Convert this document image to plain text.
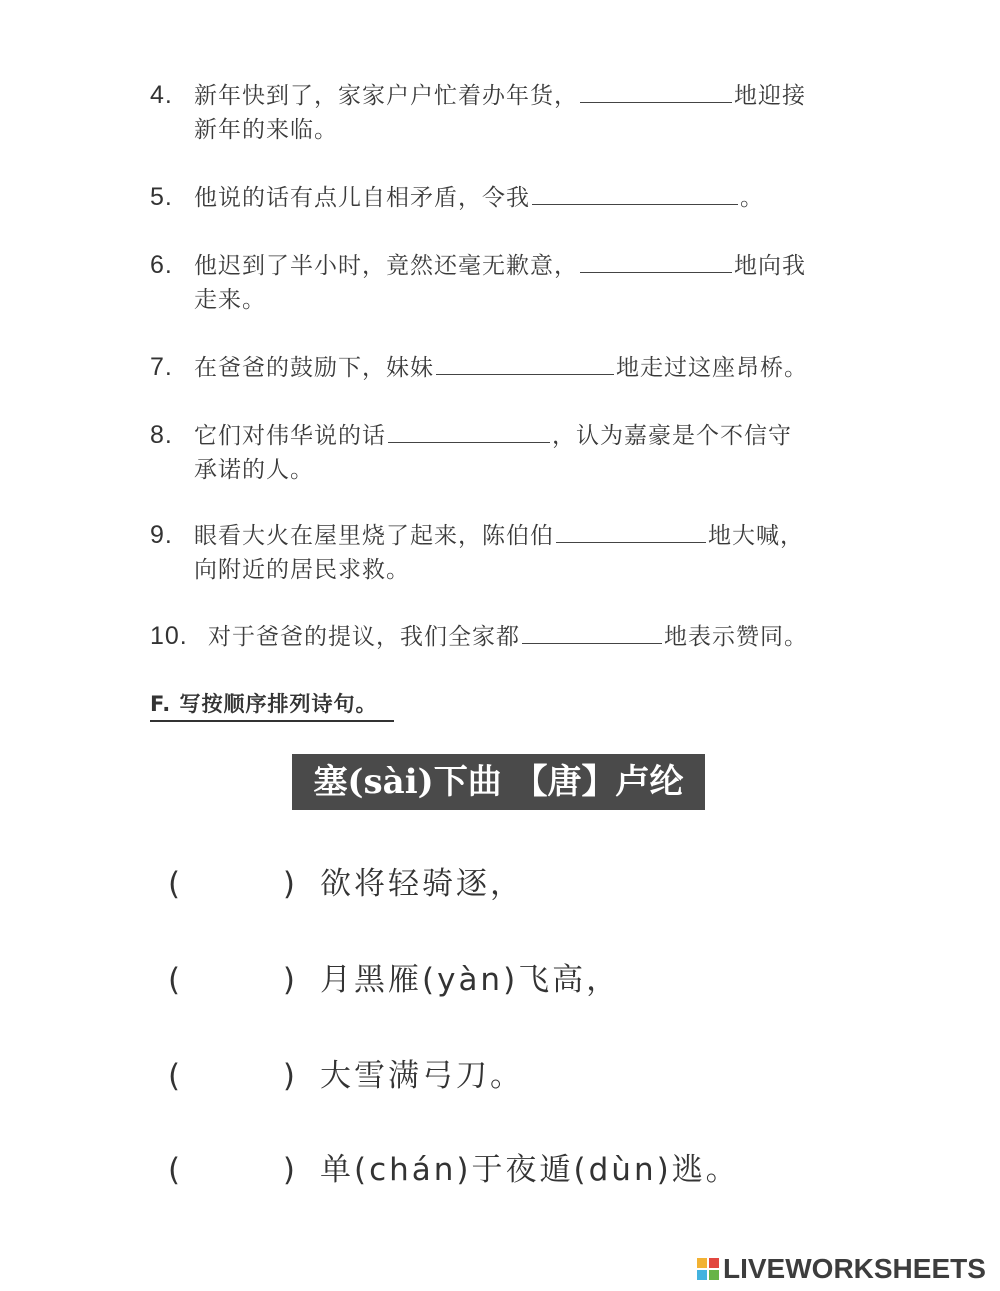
4. 新年快到了，家家户户忙着办年货，	地迎接
新年的来临。
5. 他说的话有点儿自相矛盾，令我	。
6. 他迟到了半小时，竟然还毫无歉意，	地向我
走来。
7. 在爸爸的鼓励下，妹妹	地走过这座昂桥。
8. 它们对伟华说的话	，认为嘉豪是个不信守
承诺的人。
9. 眼看大火在屋里烧了起来，陈伯伯	地大喊，
向附近的居民求救。
10. 对于爸爸的提议，我们全家都	地表示赞同。
F. 写按顺序排列诗句。
塞(sài)下曲 【唐】卢纶
(	) 欲将轻骑逐，
(	) 月黑雁(yàn)飞高，
(	) 大雪满弓刀。
(	) 单(chán)于夜遁(dùn)逃。
LIVEWORKSHEETS
